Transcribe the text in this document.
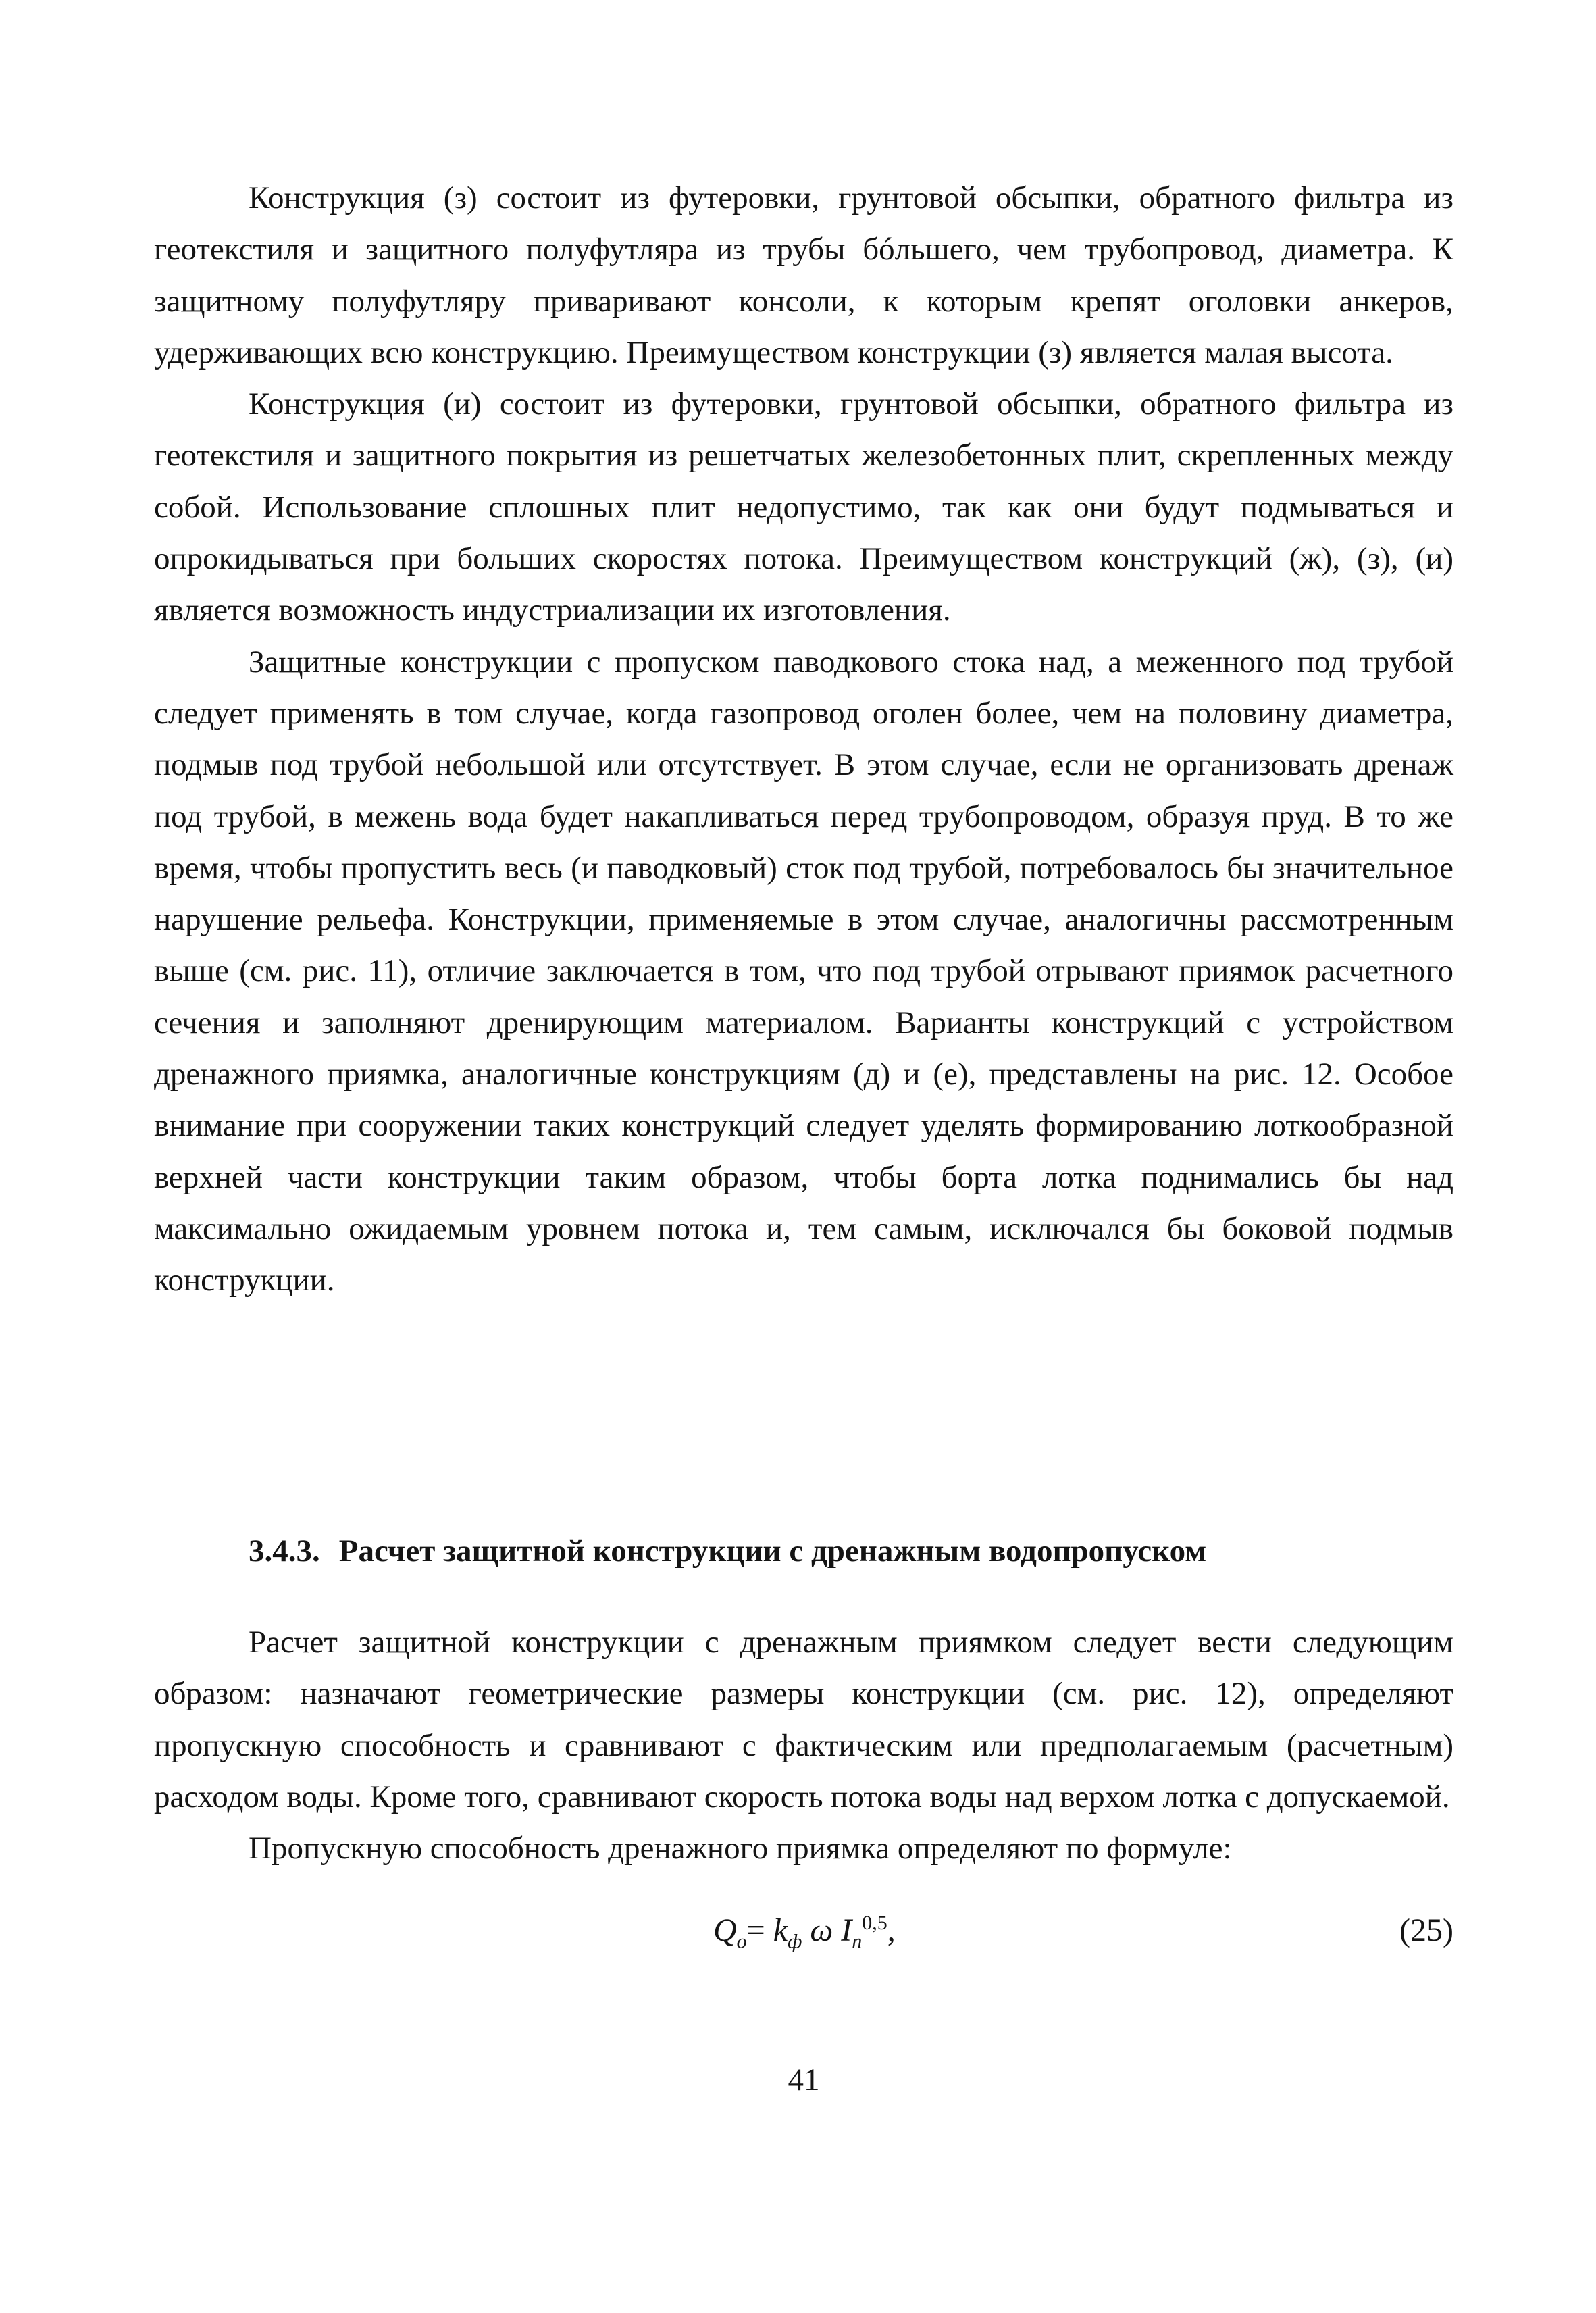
Конструкция (з) состоит из футеровки, грунтовой обсыпки, обратного фильтра из геотекстиля и защитного полуфутляра из трубы бóльшего, чем трубопровод, диаметра. К защитному полуфутляру приваривают консоли, к которым крепят оголовки анкеров, удерживающих всю конструкцию. Преимуществом конструкции (з) является малая высота.

Конструкция (и) состоит из футеровки, грунтовой обсыпки, обратного фильтра из геотекстиля и защитного покрытия из решетчатых железобетонных плит, скрепленных между собой. Использование сплошных плит недопустимо, так как они будут подмываться и опрокидываться при больших скоростях потока. Преимуществом конструкций (ж), (з), (и) является возможность индустриализации их изготовления.

Защитные конструкции с пропуском паводкового стока над, а меженного под трубой следует применять в том случае, когда газопровод оголен более, чем на половину диаметра, подмыв под трубой небольшой или отсутствует. В этом случае, если не организовать дренаж под трубой, в межень вода будет накапливаться перед трубопроводом, образуя пруд. В то же время, чтобы пропустить весь (и паводковый) сток под трубой, потребовалось бы значительное нарушение рельефа. Конструкции, применяемые в этом случае, аналогичны рассмотренным выше (см. рис. 11), отличие заключается в том, что под трубой отрывают приямок расчетного сечения и заполняют дренирующим материалом. Варианты конструкций с устройством дренажного приямка, аналогичные конструкциям (д) и (е), представлены на рис. 12. Особое внимание при сооружении таких конструкций следует уделять формированию лоткообразной верхней части конструкции таким образом, чтобы борта лотка поднимались бы над максимально ожидаемым уровнем потока и, тем самым, исключался бы боковой подмыв конструкции.

3.4.3. Расчет защитной конструкции с дренажным водопропуском

Расчет защитной конструкции с дренажным приямком следует вести следующим образом: назначают геометрические размеры конструкции (см. рис. 12), определяют пропускную способность и сравнивают с фактическим или предполагаемым (расчетным) расходом воды. Кроме того, сравнивают скорость потока воды над верхом лотка с допускаемой.

Пропускную способность дренажного приямка определяют по формуле:

$Q_o= k_ф$ ω $I_n^{0,5}$,	(25)
41
